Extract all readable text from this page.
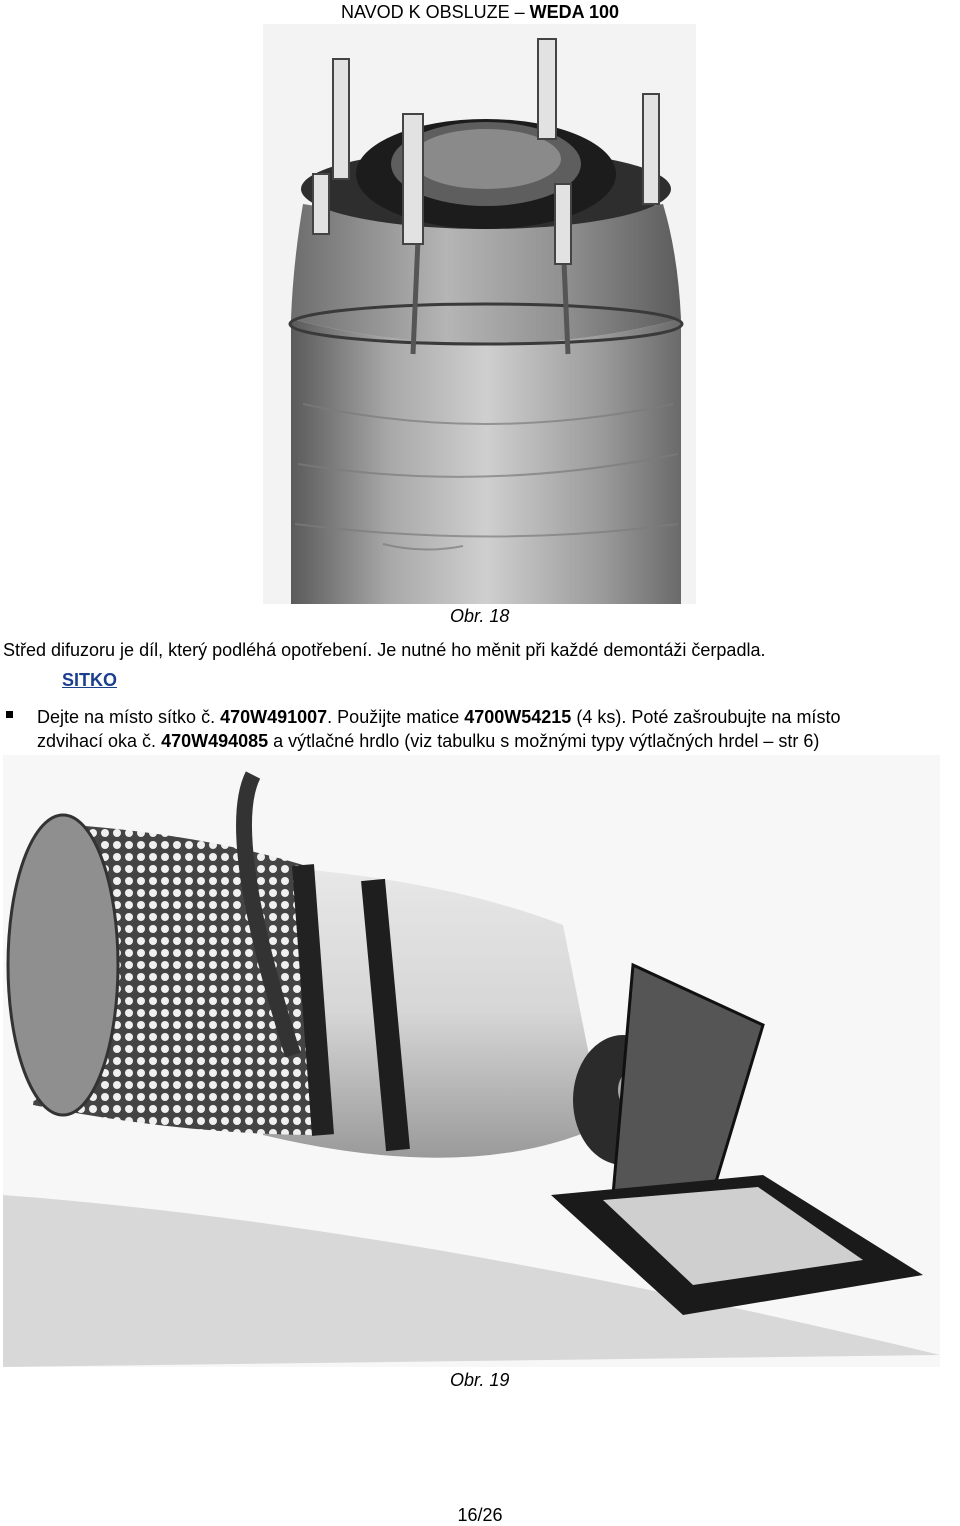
NAVOD K OBSLUZE – WEDA 100
Obr. 18
Střed difuzoru je díl, který podléhá opotřebení. Je nutné ho měnit při každé demontáži čerpadla.
SITKO
Dejte na místo sítko č. 470W491007. Použijte matice 4700W54215 (4 ks). Poté zašroubujte na místo
zdvihací oka č. 470W494085 a výtlačné hrdlo (viz tabulku s možnými typy výtlačných hrdel – str 6)
Obr. 19
16/26
